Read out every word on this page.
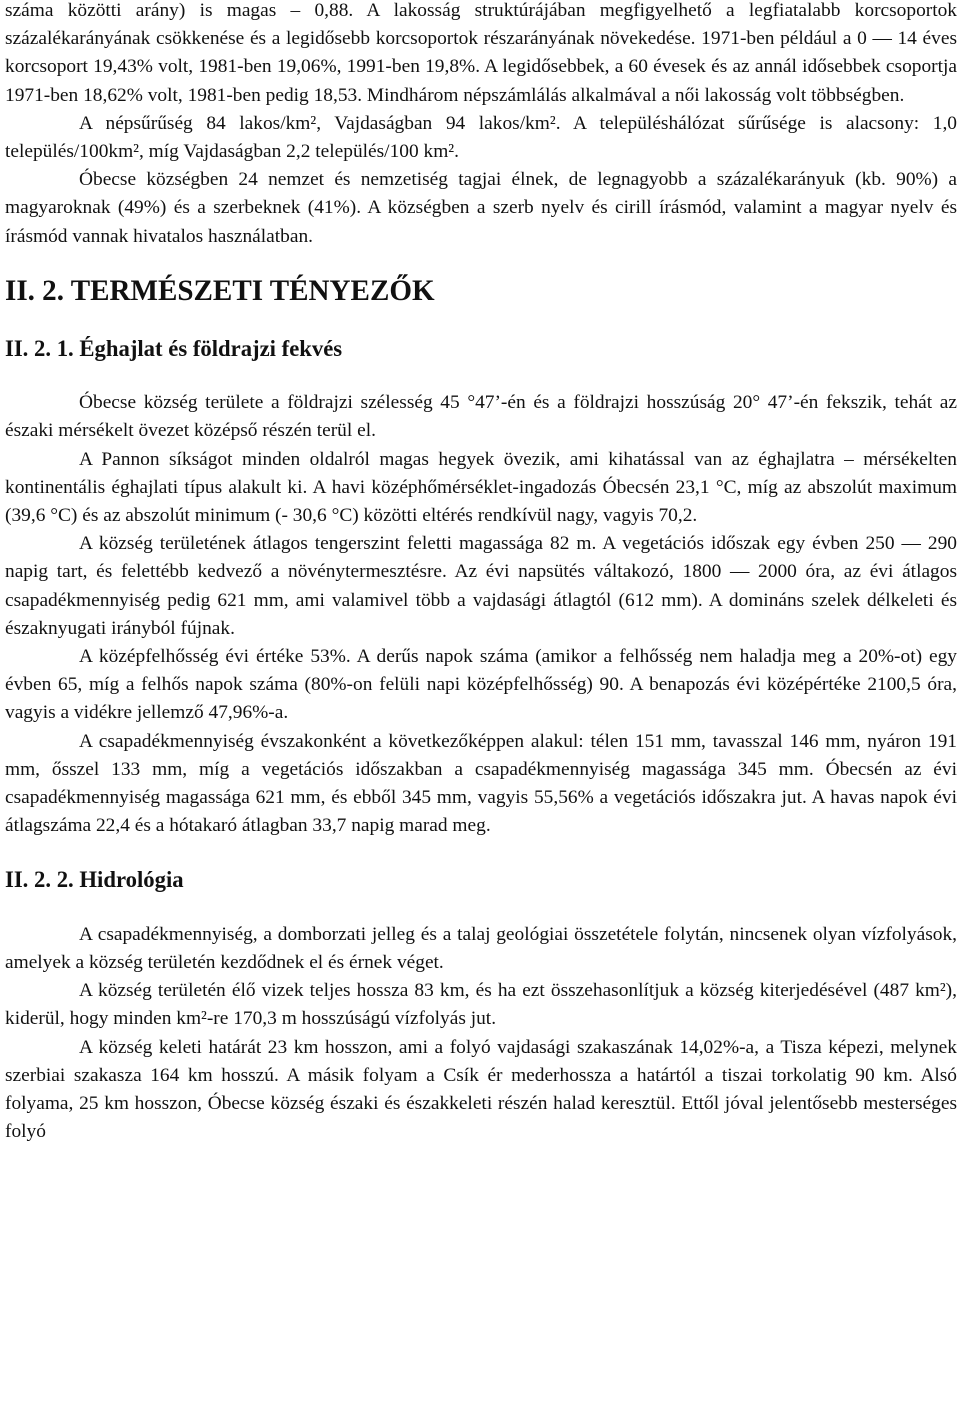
száma közötti arány) is magas – 0,88. A lakosság struktúrájában megfigyelhető a legfiatalabb korcsoportok százalékarányának csökkenése és a legidősebb korcsoportok részarányának növekedése. 1971-ben például a 0 — 14 éves korcsoport 19,43% volt, 1981-ben 19,06%, 1991-ben 19,8%. A legidősebbek, a 60 évesek és az annál idősebbek csoportja 1971-ben 18,62% volt, 1981-ben pedig 18,53. Mindhárom népszámlálás alkalmával a női lakosság volt többségben.

A népsűrűség 84 lakos/km², Vajdaságban 94 lakos/km². A településhálózat sűrűsége is alacsony: 1,0 település/100km², míg Vajdaságban 2,2 település/100 km².

Óbecse községben 24 nemzet és nemzetiség tagjai élnek, de legnagyobb a százalékarányuk (kb. 90%) a magyaroknak (49%) és a szerbeknek (41%). A községben a szerb nyelv és cirill írásmód, valamint a magyar nyelv és írásmód vannak hivatalos használatban.

II. 2. TERMÉSZETI TÉNYEZŐK
II. 2. 1. Éghajlat és földrajzi fekvés

Óbecse község területe a földrajzi szélesség 45 °47’-én és a földrajzi hosszúság 20° 47’-én fekszik, tehát az északi mérsékelt övezet középső részén terül el.

A Pannon síkságot minden oldalról magas hegyek övezik, ami kihatással van az éghajlatra – mérsékelten kontinentális éghajlati típus alakult ki. A havi középhőmérséklet-ingadozás Óbecsén 23,1 °C, míg az abszolút maximum (39,6 °C) és az abszolút minimum (- 30,6 °C) közötti eltérés rendkívül nagy, vagyis 70,2.

A község területének átlagos tengerszint feletti magassága 82 m. A vegetációs időszak egy évben 250 — 290 napig tart, és felettébb kedvező a növénytermesztésre. Az évi napsütés váltakozó, 1800 — 2000 óra, az évi átlagos csapadékmennyiség pedig 621 mm, ami valamivel több a vajdasági átlagtól (612 mm). A domináns szelek délkeleti és északnyugati irányból fújnak.

A középfelhősség évi értéke 53%. A derűs napok száma (amikor a felhősség nem haladja meg a 20%-ot) egy évben 65, míg a felhős napok száma (80%-on felüli napi középfelhősség) 90. A benapozás évi középértéke 2100,5 óra, vagyis a vidékre jellemző 47,96%-a.

A csapadékmennyiség évszakonként a következőképpen alakul: télen 151 mm, tavasszal 146 mm, nyáron 191 mm, ősszel 133 mm, míg a vegetációs időszakban a csapadékmennyiség magassága 345 mm. Óbecsén az évi csapadékmennyiség magassága 621 mm, és ebből 345 mm, vagyis 55,56% a vegetációs időszakra jut. A havas napok évi átlagszáma 22,4 és a hótakaró átlagban 33,7 napig marad meg.

II. 2. 2. Hidrológia

A csapadékmennyiség, a domborzati jelleg és a talaj geológiai összetétele folytán, nincsenek olyan vízfolyások, amelyek a község területén kezdődnek el és érnek véget.

A község területén élő vizek teljes hossza 83 km, és ha ezt összehasonlítjuk a község kiterjedésével (487 km²), kiderül, hogy minden km²-re 170,3 m hosszúságú vízfolyás jut.

A község keleti határát 23 km hosszon, ami a folyó vajdasági szakaszának 14,02%-a, a Tisza képezi, melynek szerbiai szakasza 164 km hosszú. A másik folyam a Csík ér mederhossza a határtól a tiszai torkolatig 90 km. Alsó folyama, 25 km hosszon, Óbecse község északi és északkeleti részén halad keresztül. Ettől jóval jelentősebb mesterséges folyó
